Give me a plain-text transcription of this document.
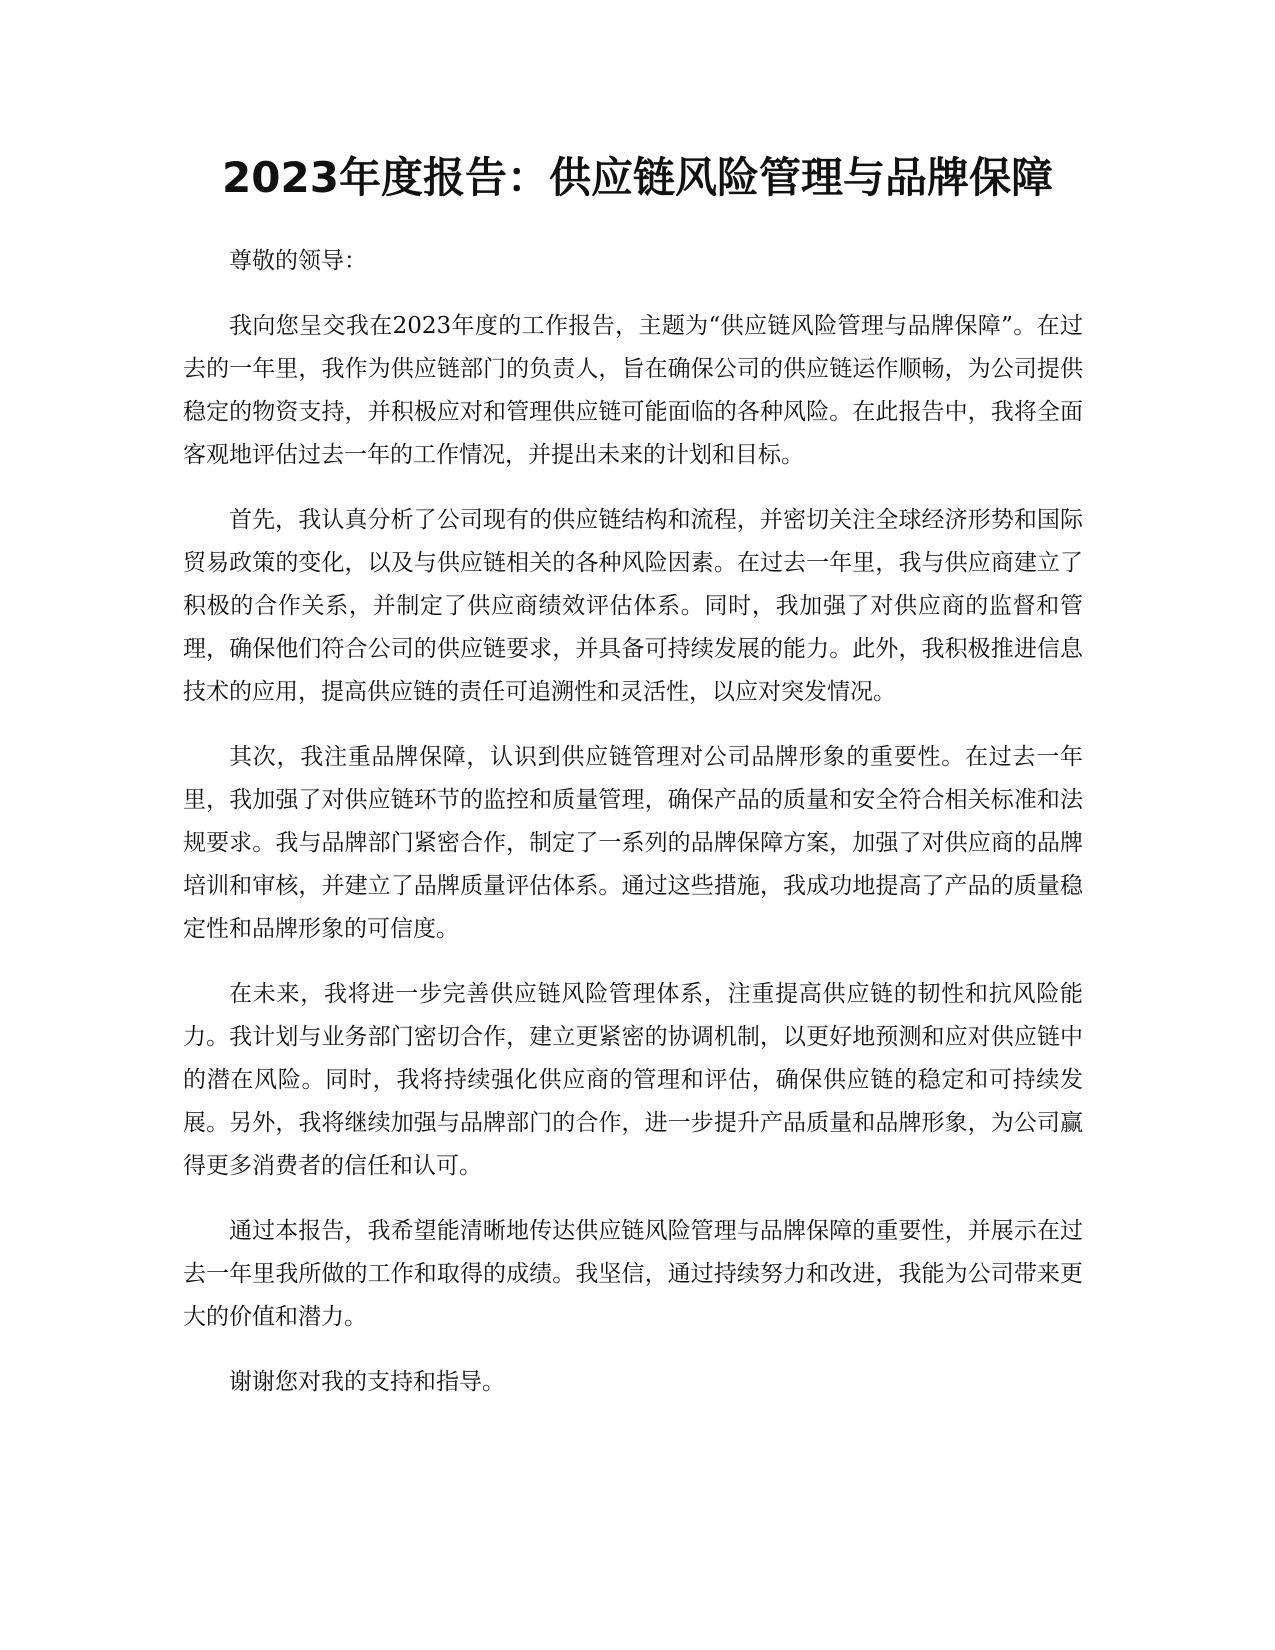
2023年度报告：供应链风险管理与品牌保障

尊敬的领导：

我向您呈交我在2023年度的工作报告，主题为“供应链风险管理与品牌保障”。在过去的一年里，我作为供应链部门的负责人，旨在确保公司的供应链运作顺畅，为公司提供稳定的物资支持，并积极应对和管理供应链可能面临的各种风险。在此报告中，我将全面客观地评估过去一年的工作情况，并提出未来的计划和目标。

首先，我认真分析了公司现有的供应链结构和流程，并密切关注全球经济形势和国际贸易政策的变化，以及与供应链相关的各种风险因素。在过去一年里，我与供应商建立了积极的合作关系，并制定了供应商绩效评估体系。同时，我加强了对供应商的监督和管理，确保他们符合公司的供应链要求，并具备可持续发展的能力。此外，我积极推进信息技术的应用，提高供应链的责任可追溯性和灵活性，以应对突发情况。

其次，我注重品牌保障，认识到供应链管理对公司品牌形象的重要性。在过去一年里，我加强了对供应链环节的监控和质量管理，确保产品的质量和安全符合相关标准和法规要求。我与品牌部门紧密合作，制定了一系列的品牌保障方案，加强了对供应商的品牌培训和审核，并建立了品牌质量评估体系。通过这些措施，我成功地提高了产品的质量稳定性和品牌形象的可信度。

在未来，我将进一步完善供应链风险管理体系，注重提高供应链的韧性和抗风险能力。我计划与业务部门密切合作，建立更紧密的协调机制，以更好地预测和应对供应链中的潜在风险。同时，我将持续强化供应商的管理和评估，确保供应链的稳定和可持续发展。另外，我将继续加强与品牌部门的合作，进一步提升产品质量和品牌形象，为公司赢得更多消费者的信任和认可。

通过本报告，我希望能清晰地传达供应链风险管理与品牌保障的重要性，并展示在过去一年里我所做的工作和取得的成绩。我坚信，通过持续努力和改进，我能为公司带来更大的价值和潜力。

谢谢您对我的支持和指导。
